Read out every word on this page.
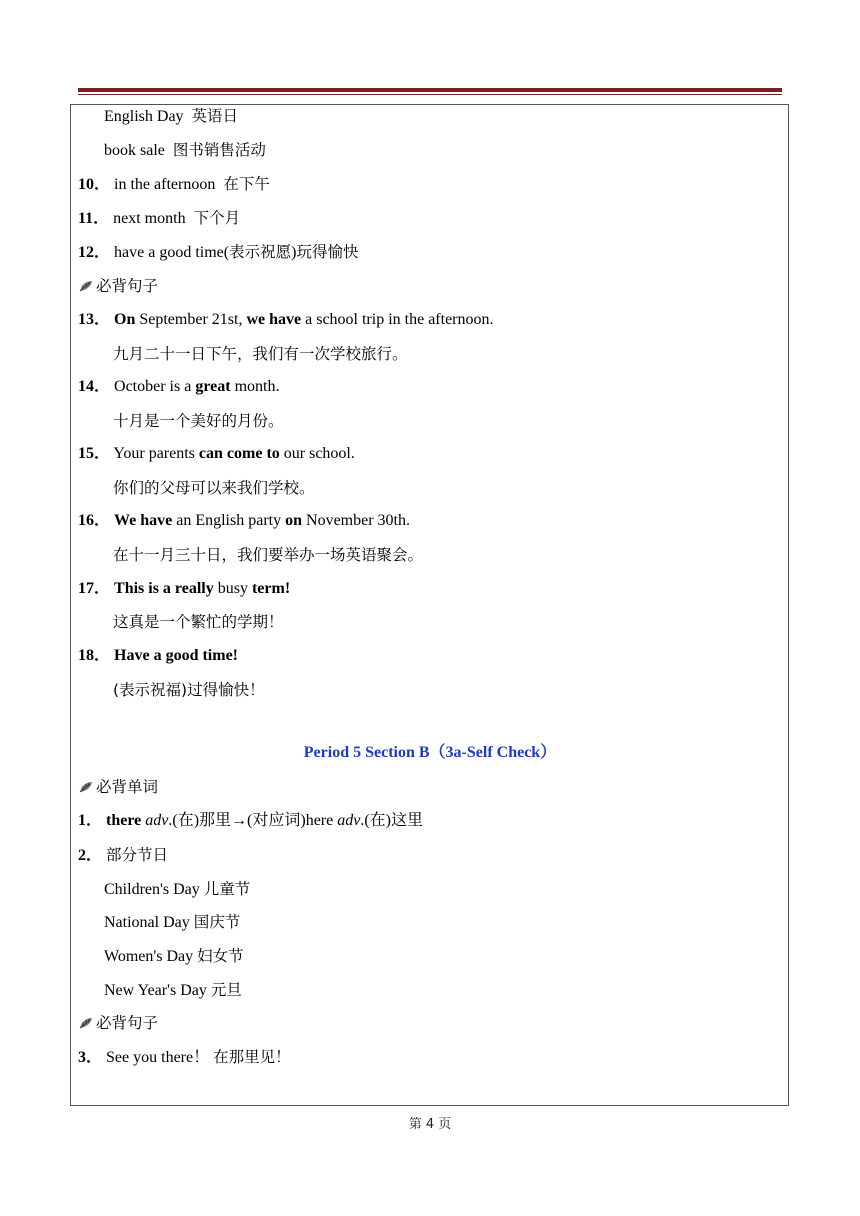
English Day 英语日
book sale 图书销售活动
10． in the afternoon 在下午
11． next month 下个月
12． have a good time(表示祝愿)玩得愉快
必背句子
13． On September 21st, we have a school trip in the afternoon.
九月二十一日下午，我们有一次学校旅行。
14． October is a great month.
十月是一个美好的月份。
15． Your parents can come to our school.
你们的父母可以来我们学校。
16． We have an English party on November 30th.
在十一月三十日，我们要举办一场英语聚会。
17． This is a really busy term!
这真是一个繁忙的学期！
18． Have a good time!
(表示祝福)过得愉快！
Period 5 Section B（3a-Self Check）
必背单词
1． there adv.(在)那里→(对应词)here adv.(在)这里
2． 部分节日
Children's Day 儿童节
National Day 国庆节
Women's Day 妇女节
New Year's Day 元旦
必背句子
3． See you there！ 在那里见！
第 4 页
